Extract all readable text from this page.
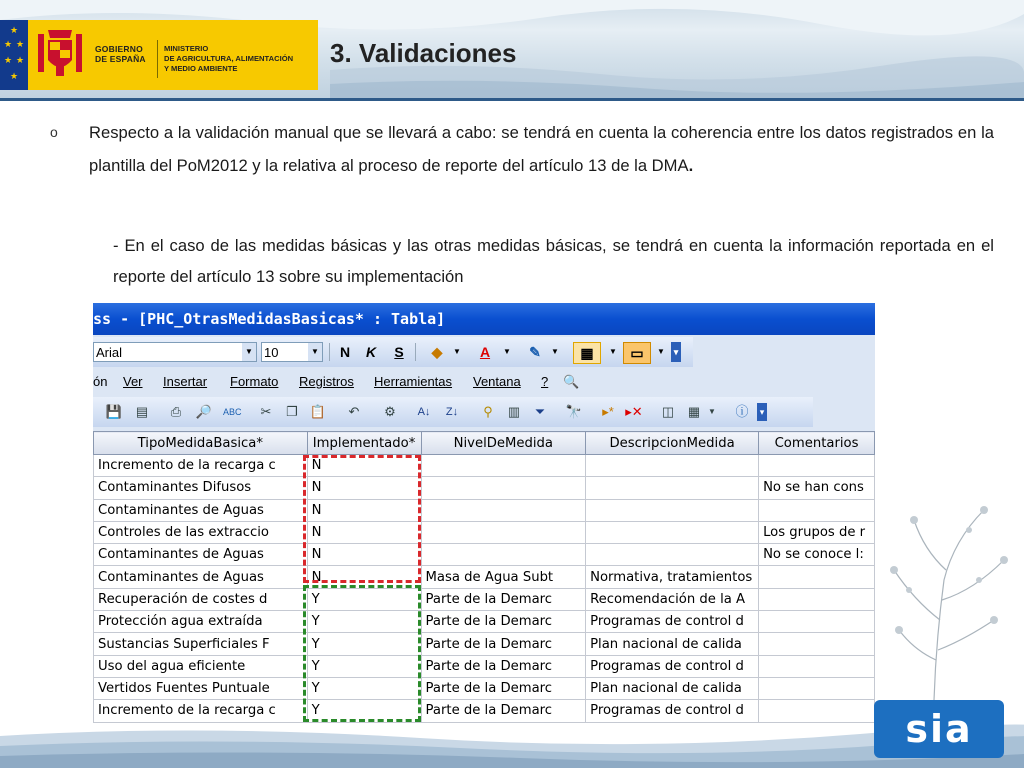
★
★ ★
★ ★
★
GOBIERNO
DE ESPAÑA
MINISTERIO
DE AGRICULTURA, ALIMENTACIÓN
Y MEDIO AMBIENTE
3. Validaciones
o Respecto a la validación manual que se llevará a cabo: se tendrá en cuenta la coherencia entre los datos registrados en la plantilla del PoM2012 y la relativa al proceso de reporte del artículo 13 de la DMA.
- En el caso de las medidas básicas y las otras medidas básicas, se tendrá en cuenta la información reportada en el reporte del artículo 13 sobre su implementación
ss - [PHC_OtrasMedidasBasicas* : Tabla]
Arial	▼ 10	▼	N	K	S	◆	▼	A	▼	✎	▼	▦	▼ ▭	▼ ▾
ón Ver Insertar Formato Registros Herramientas Ventana ? 🔍
💾 ▤ ⎙ 🔎 ABC ✂ ❐ 📋 ↶ ⚙ A↓ Z↓	⚲	▥ ⏷ 🔭 ▸* ▸✕ ◫ ▦ ▼	ⓘ	▾
TipoMedidaBasica*	Implementado*	NivelDeMedida	DescripcionMedida	Comentarios
Incremento de la recarga c	N			
Contaminantes Difusos	N			No se han cons
Contaminantes de Aguas	N			
Controles de las extraccio	N			Los grupos de r
Contaminantes de Aguas	N			No se conoce l:
Contaminantes de Aguas	N	Masa de Agua Subt	Normativa, tratamientos	
Recuperación de costes d	Y	Parte de la Demarc	Recomendación de la A	
Protección agua extraída	Y	Parte de la Demarc	Programas de control d	
Sustancias Superficiales F	Y	Parte de la Demarc	Plan nacional de calida	
Uso del agua eficiente	Y	Parte de la Demarc	Programas de control d	
Vertidos Fuentes Puntuale	Y	Parte de la Demarc	Plan nacional de calida	
Incremento de la recarga c	Y	Parte de la Demarc	Programas de control d		sia
